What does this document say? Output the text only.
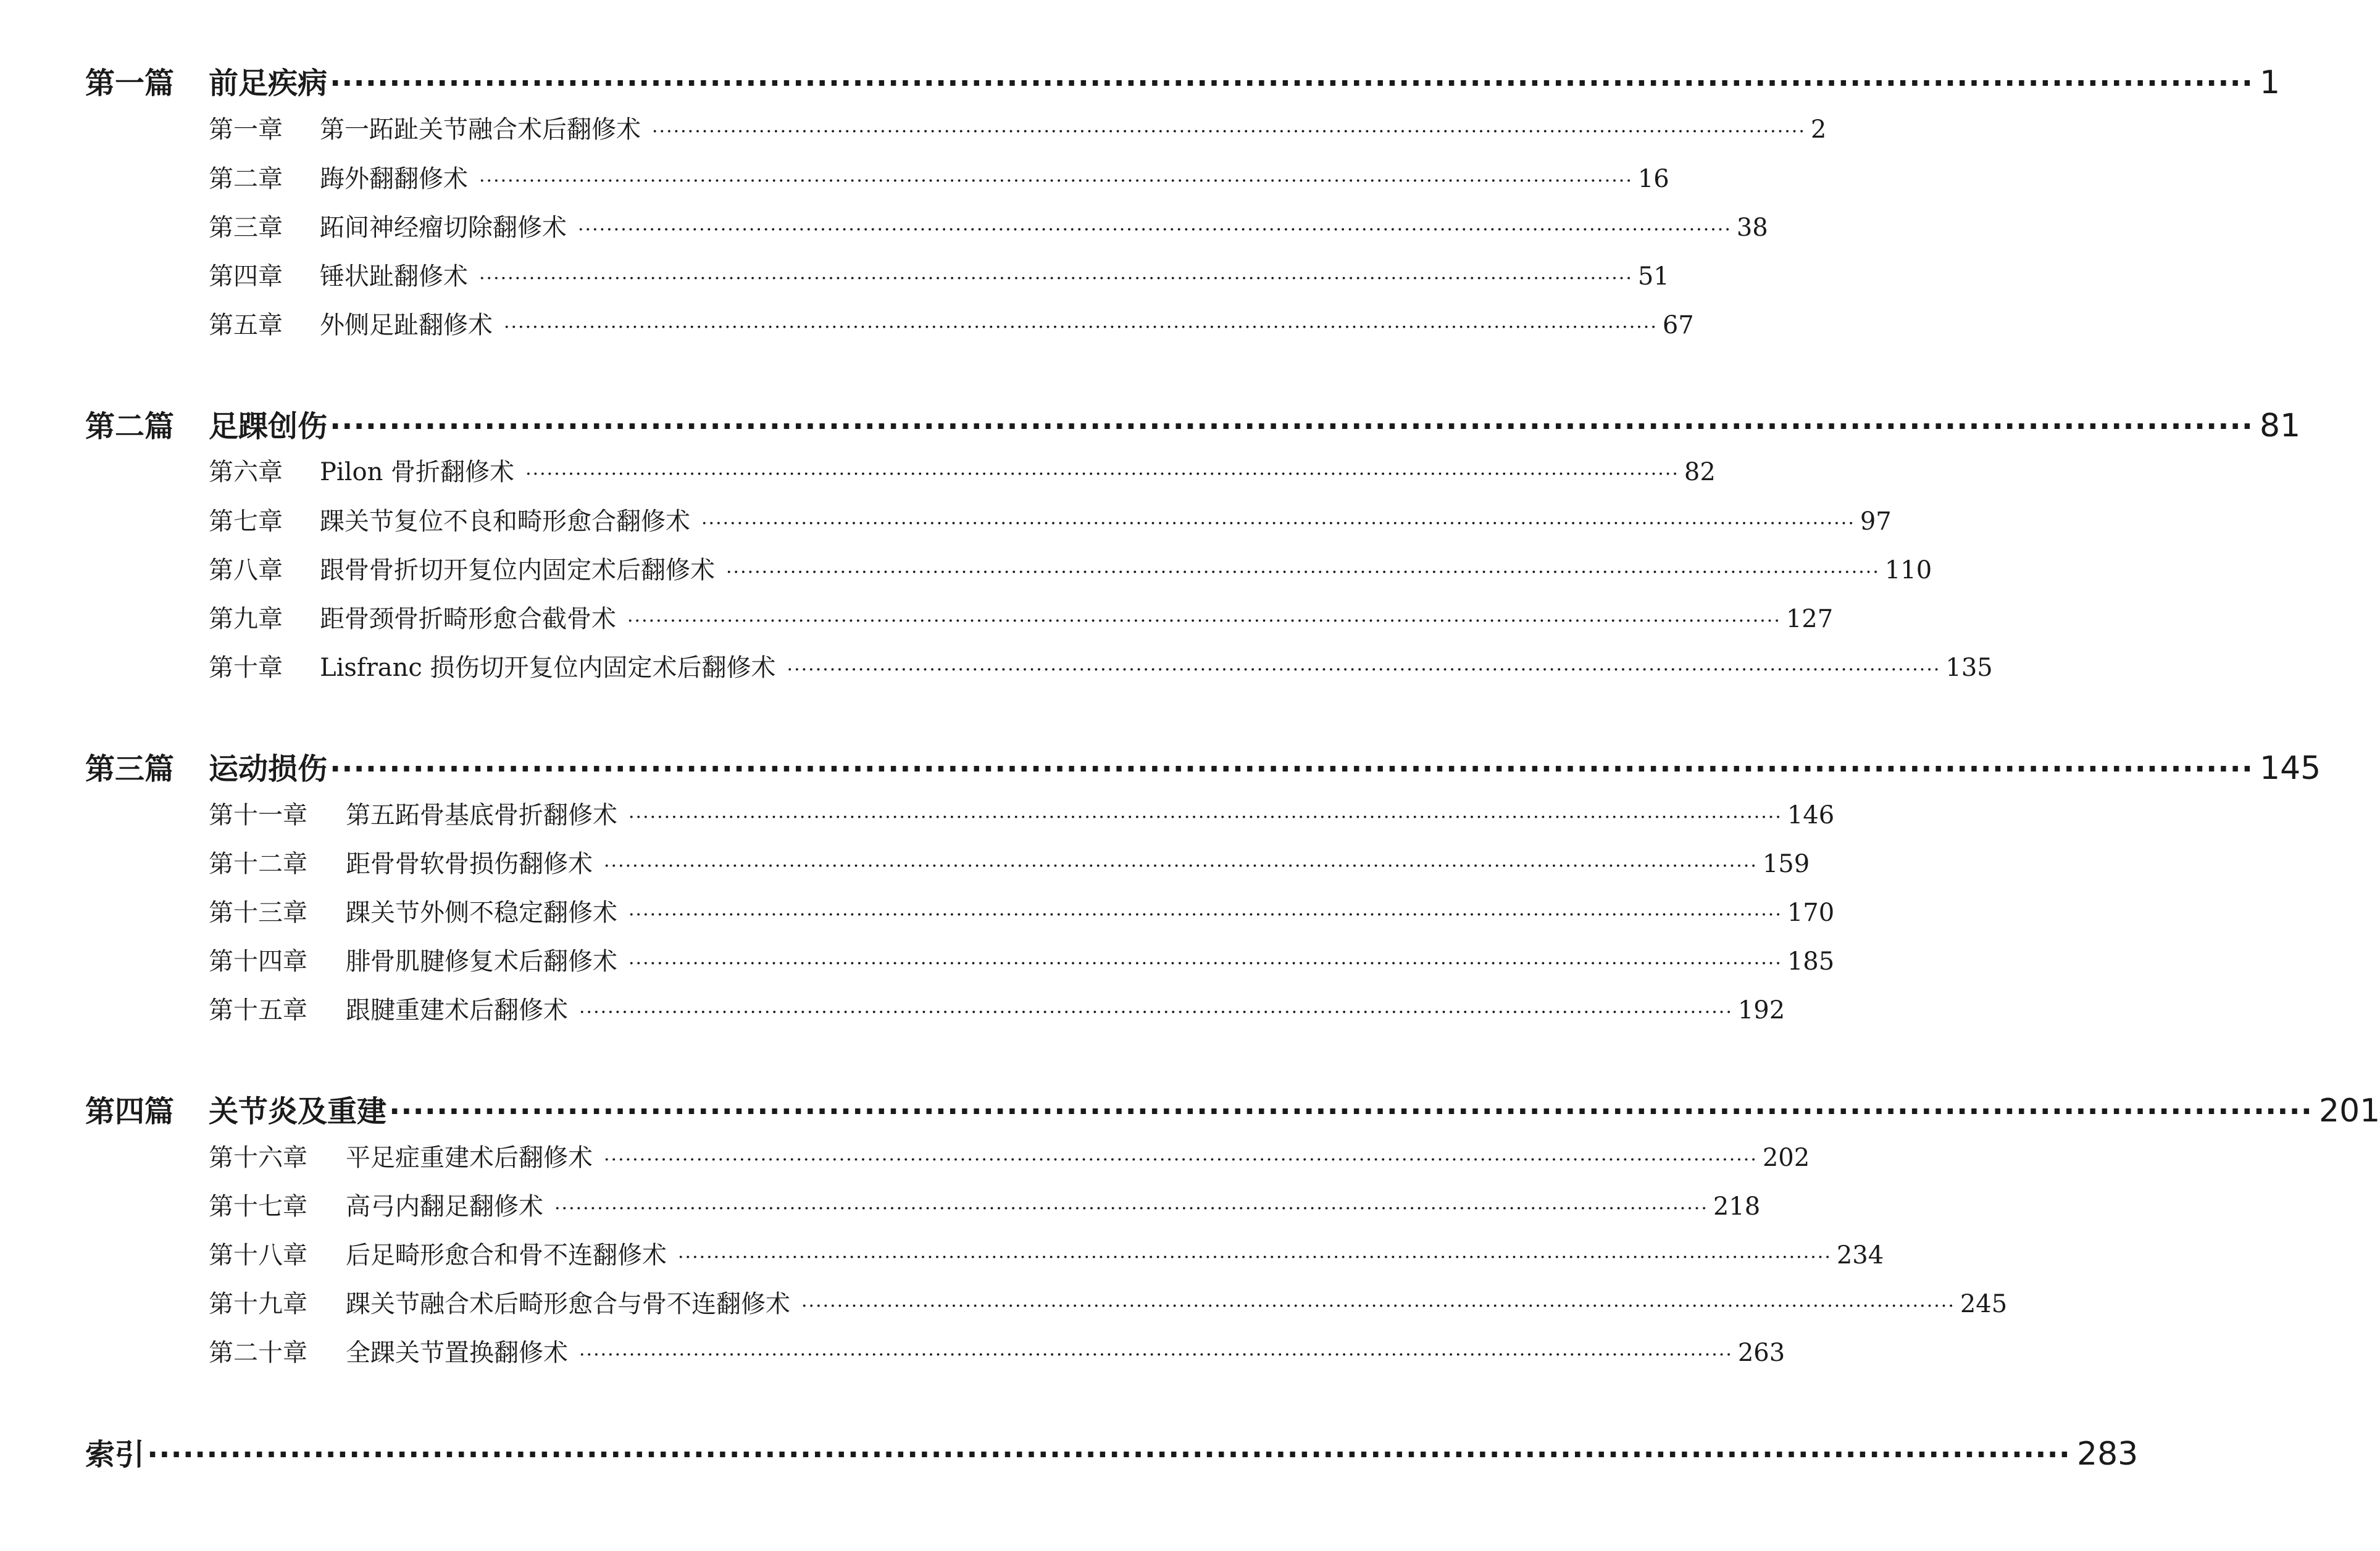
第一篇	前足疾病 ·································································································································································· 1
第一章	第一跖趾关节融合术后翻修术 ·································································································································································· 2
第二章	踇外翻翻修术 ·································································································································································· 16
第三章	跖间神经瘤切除翻修术 ·································································································································································· 38
第四章	锤状趾翻修术 ·································································································································································· 51
第五章	外侧足趾翻修术 ·································································································································································· 67
第二篇	足踝创伤 ·································································································································································· 81
第六章	Pilon 骨折翻修术 ·································································································································································· 82
第七章	踝关节复位不良和畸形愈合翻修术 ·································································································································································· 97
第八章	跟骨骨折切开复位内固定术后翻修术 ·································································································································································· 110
第九章	距骨颈骨折畸形愈合截骨术 ·································································································································································· 127
第十章	Lisfranc 损伤切开复位内固定术后翻修术 ·································································································································································· 135
第三篇	运动损伤 ·································································································································································· 145
第十一章	第五跖骨基底骨折翻修术 ·································································································································································· 146
第十二章	距骨骨软骨损伤翻修术 ·································································································································································· 159
第十三章	踝关节外侧不稳定翻修术 ·································································································································································· 170
第十四章	腓骨肌腱修复术后翻修术 ·································································································································································· 185
第十五章	跟腱重建术后翻修术 ·································································································································································· 192
第四篇	关节炎及重建 ·································································································································································· 201
第十六章	平足症重建术后翻修术 ·································································································································································· 202
第十七章	高弓内翻足翻修术 ·································································································································································· 218
第十八章	后足畸形愈合和骨不连翻修术 ·································································································································································· 234
第十九章	踝关节融合术后畸形愈合与骨不连翻修术 ·································································································································································· 245
第二十章	全踝关节置换翻修术 ·································································································································································· 263
索引 ·································································································································································· 283
